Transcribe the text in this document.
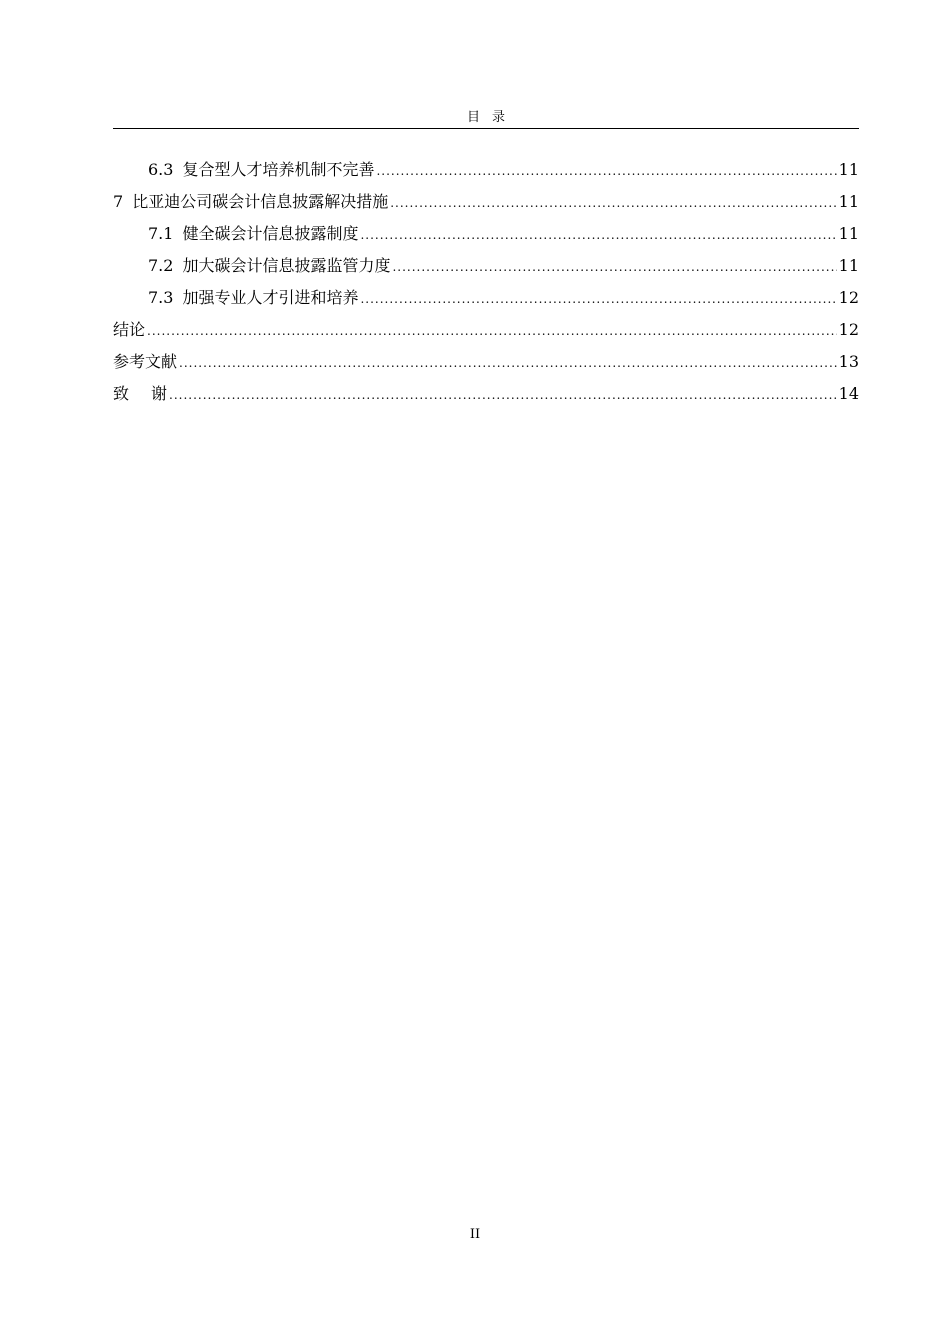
目录
6.3 复合型人才培养机制不完善 .....	11
7 比亚迪公司碳会计信息披露解决措施 .....	11
7.1 健全碳会计信息披露制度 .....	11
7.2 加大碳会计信息披露监管力度 .....	11
7.3 加强专业人才引进和培养 .....	12
结论 .....	12
参考文献 .....	13
致谢 .....	14
II
